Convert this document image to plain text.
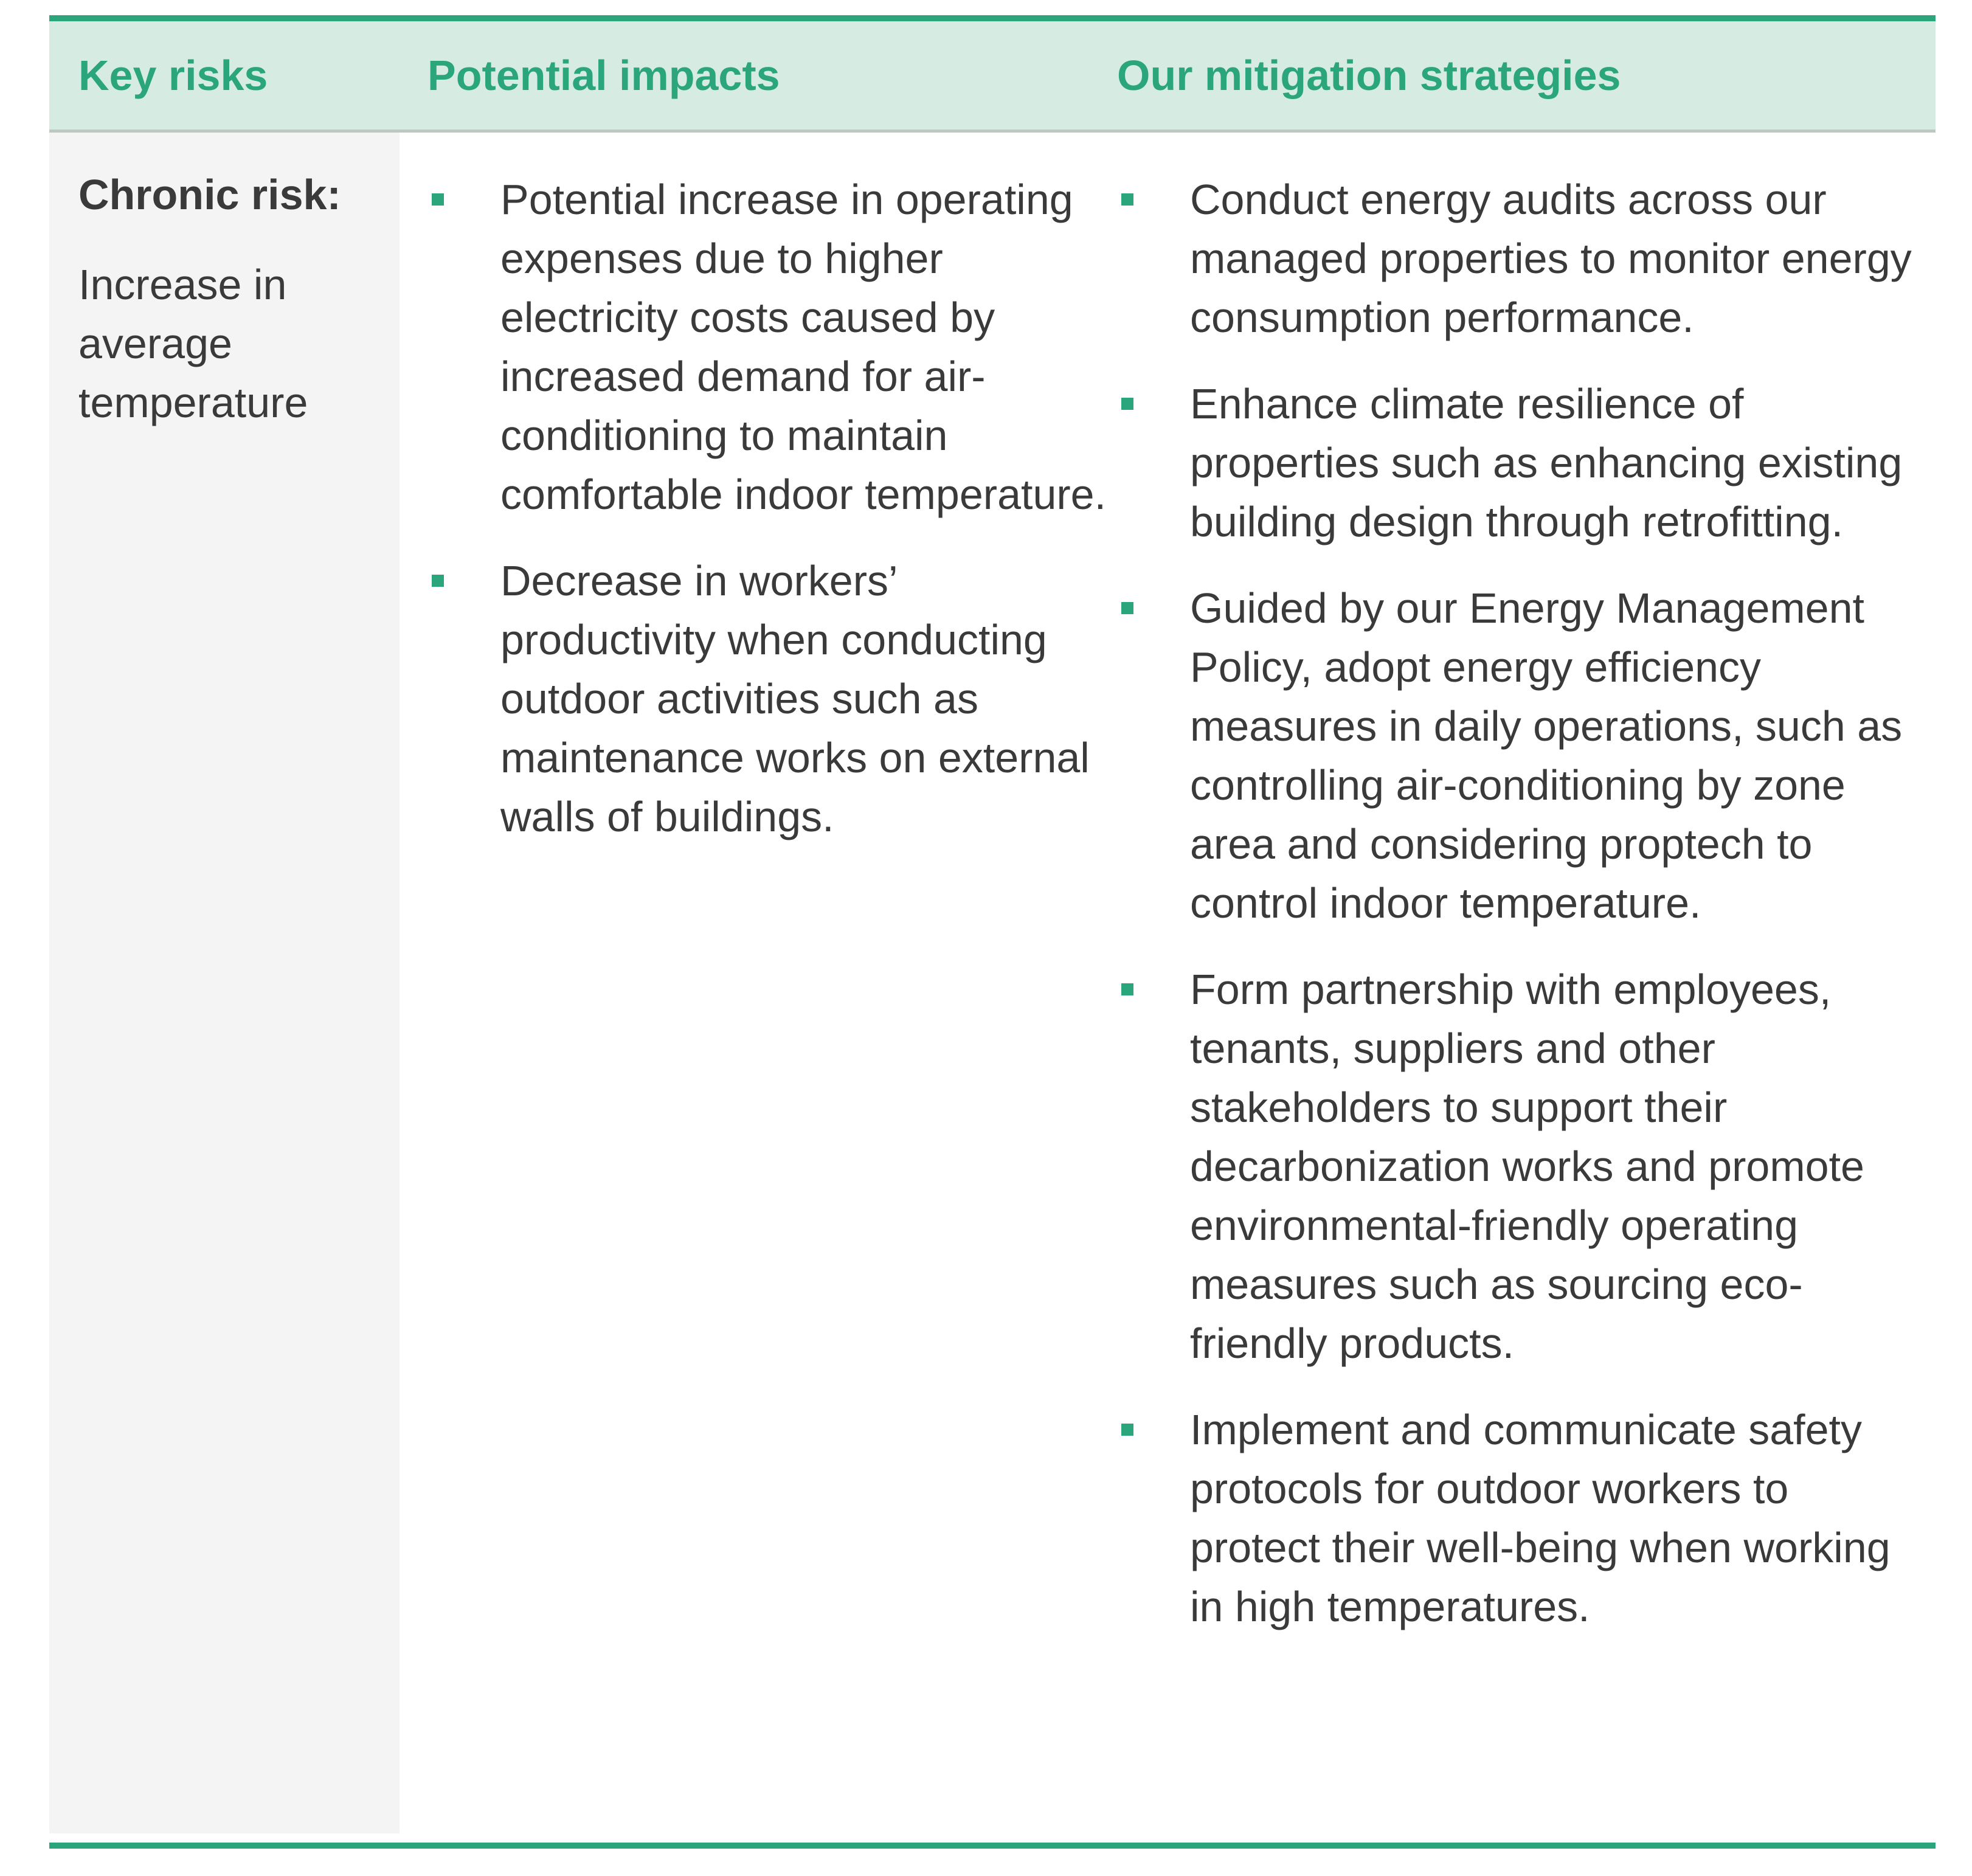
Key risks	Potential impacts	Our mitigation strategies
Chronic risk:
Increase in average temperature
Potential increase in operating expenses due to higher electricity costs caused by increased demand for air-conditioning to maintain comfortable indoor temperature.
Decrease in workers’ productivity when conducting outdoor activities such as maintenance works on external walls of buildings.
Conduct energy audits across our managed properties to monitor energy consumption performance.
Enhance climate resilience of properties such as enhancing existing building design through retrofitting.
Guided by our Energy Management Policy, adopt energy efficiency measures in daily operations, such as controlling air-conditioning by zone area and considering proptech to control indoor temperature.
Form partnership with employees, tenants, suppliers and other stakeholders to support their decarbonization works and promote environmental-friendly operating measures such as sourcing eco-friendly products.
Implement and communicate safety protocols for outdoor workers to protect their well-being when working in high temperatures.
